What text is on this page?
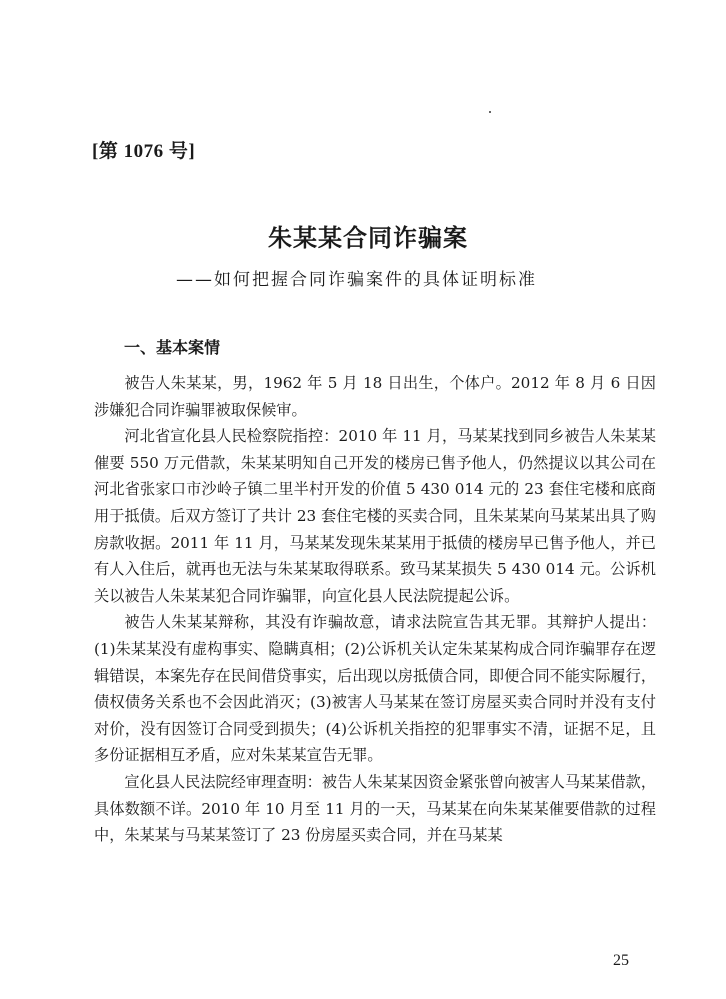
[第 1076 号]
朱某某合同诈骗案
——如何把握合同诈骗案件的具体证明标准
一、基本案情

被告人朱某某，男，1962 年 5 月 18 日出生，个体户。2012 年 8 月 6 日因涉嫌犯合同诈骗罪被取保候审。

河北省宣化县人民检察院指控：2010 年 11 月，马某某找到同乡被告人朱某某催要 550 万元借款，朱某某明知自己开发的楼房已售予他人，仍然提议以其公司在河北省张家口市沙岭子镇二里半村开发的价值 5 430 014 元的 23 套住宅楼和底商用于抵债。后双方签订了共计 23 套住宅楼的买卖合同，且朱某某向马某某出具了购房款收据。2011 年 11 月，马某某发现朱某某用于抵债的楼房早已售予他人，并已有人入住后，就再也无法与朱某某取得联系。致马某某损失 5 430 014 元。公诉机关以被告人朱某某犯合同诈骗罪，向宣化县人民法院提起公诉。

被告人朱某某辩称，其没有诈骗故意，请求法院宣告其无罪。其辩护人提出：(1)朱某某没有虚构事实、隐瞒真相；(2)公诉机关认定朱某某构成合同诈骗罪存在逻辑错误，本案先存在民间借贷事实，后出现以房抵债合同，即便合同不能实际履行，债权债务关系也不会因此消灭；(3)被害人马某某在签订房屋买卖合同时并没有支付对价，没有因签订合同受到损失；(4)公诉机关指控的犯罪事实不清，证据不足，且多份证据相互矛盾，应对朱某某宣告无罪。

宣化县人民法院经审理查明：被告人朱某某因资金紧张曾向被害人马某某借款，具体数额不详。2010 年 10 月至 11 月的一天，马某某在向朱某某催要借款的过程中，朱某某与马某某签订了 23 份房屋买卖合同，并在马某某

25
